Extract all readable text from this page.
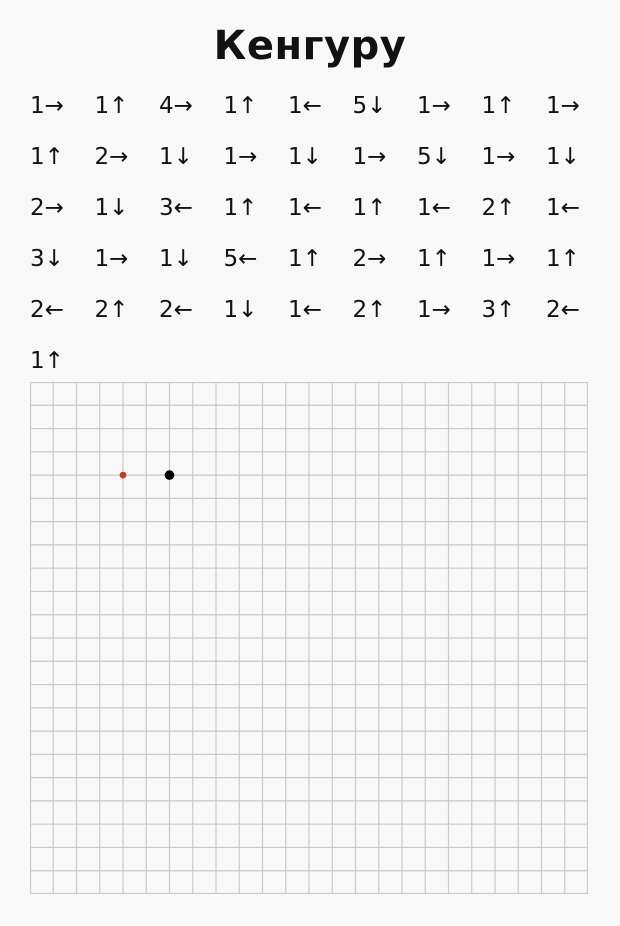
Кенгуру
1→ 1↑ 4→ 1↑ 1← 5↓ 1→ 1↑ 1→
1↑ 2→ 1↓ 1→ 1↓ 1→ 5↓ 1→ 1↓
2→ 1↓ 3← 1↑ 1← 1↑ 1← 2↑ 1←
3↓ 1→ 1↓ 5← 1↑ 2→ 1↑ 1→ 1↑
2← 2↑ 2← 1↓ 1← 2↑ 1→ 3↑ 2←
1↑
